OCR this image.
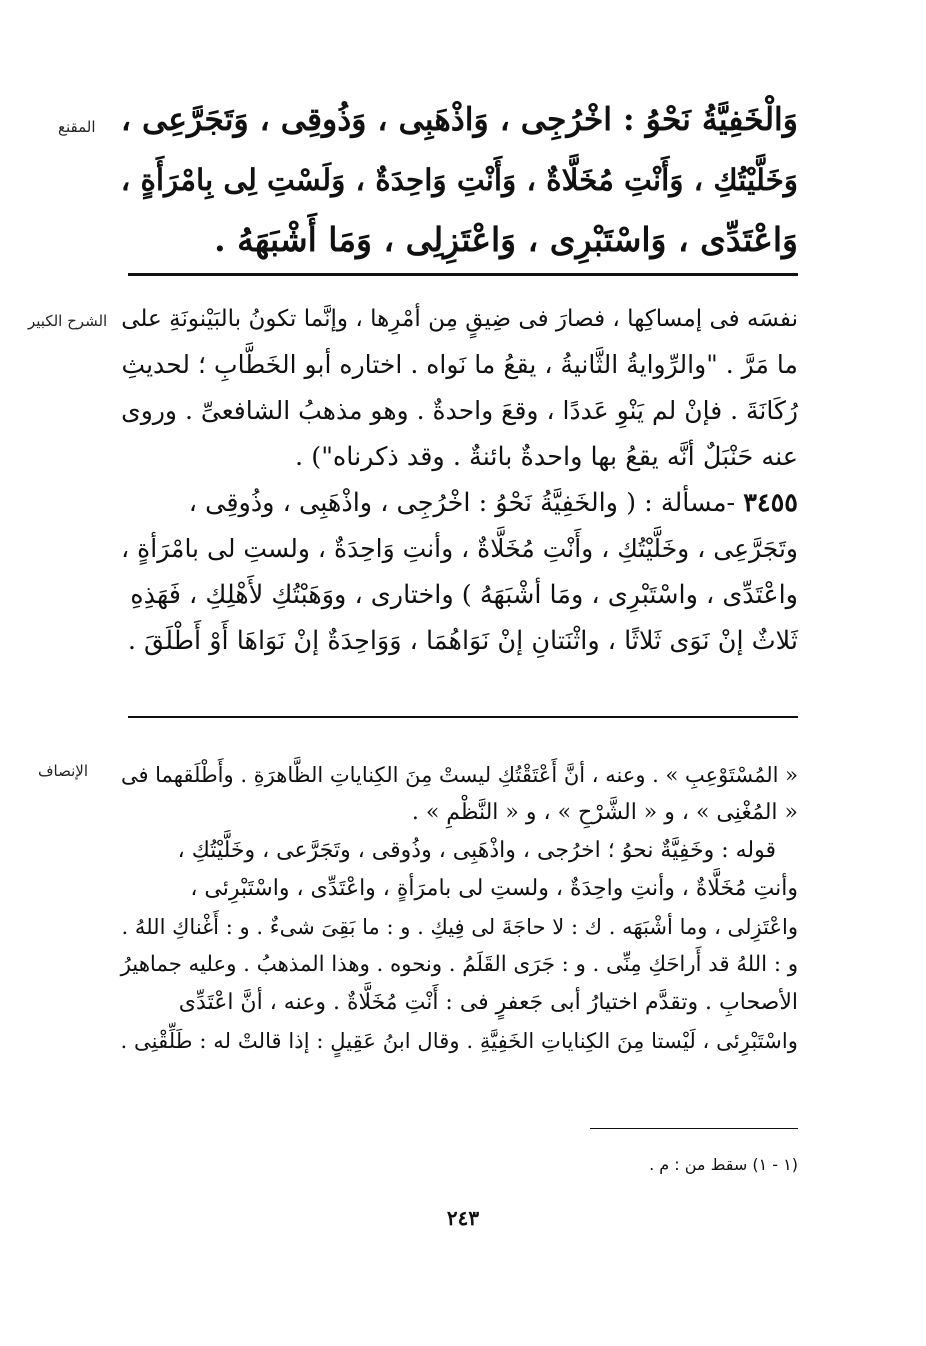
المقنع وَالْخَفِيَّةُ نَحْوُ : اخْرُجِى ، وَاذْهَبِى ، وَذُوقِى ، وَتَجَرَّعِى ،
وَخَلَّيْتُكِ ، وَأَنْتِ مُخَلَّاةٌ ، وَأَنْتِ وَاحِدَةٌ ، وَلَسْتِ لِى بِامْرَأَةٍ ،
وَاعْتَدِّى ، وَاسْتَبْرِى ، وَاعْتَزِلِى ، وَمَا أَشْبَهَهُ .
الشرح الكبير نفسَه فى إمساكِها ، فصارَ فى ضِيقٍ مِن أمْرِها ، وإنَّما تكونُ بالبَيْنونَةِ على
ما مَرَّ . "والرِّوايةُ الثَّانيةُ ، يقعُ ما نَواه . اختاره أبو الخَطَّابِ ؛ لحديثِ
رُكَانَةَ . فإنْ لم يَنْوِ عَددًا ، وقعَ واحدةٌ . وهو مذهبُ الشافعىِّ . وروى
عنه حَنْبَلٌ أنَّه يقعُ بها واحدةٌ بائنةٌ . وقد ذكرناه") .
٣٤٥٥ -مسألة : ( والخَفِيَّةُ نَحْوُ : اخْرُجِى ، واذْهَبِى ، وذُوقِى ،
وتَجَرَّعِى ، وخَلَّيْتُكِ ، وأَنْتِ مُخَلَّاةٌ ، وأنتِ وَاحِدَةٌ ، ولستِ لى بامْرَأةٍ ،
واعْتَدِّى ، واسْتَبْرِى ، ومَا أشْبَهَهُ ) واختارى ، ووَهَبْتُكِ لأَهْلِكِ ، فَهَذِهِ
ثَلاثٌ إنْ نَوَى ثَلاثًا ، واثْنَتانِ إنْ نَوَاهُمَا ، وَوَاحِدَةٌ إنْ نَوَاهَا أَوْ أَطْلَقَ .
الإنصاف	« المُسْتَوْعِبِ » . وعنه ، أنَّ أَعْتَقْتُكِ ليستْ مِنَ الكِناياتِ الظَّاهرَةِ . وأَطْلَقهما فى
« المُغْنِى » ، و « الشَّرْحِ » ، و « النَّظْمِ » .
قوله : وخَفِيَّةٌ نحوُ ؛ اخرُجى ، واذْهَبِى ، وذُوقى ، وتَجَرَّعى ، وخَلَّيْتُكِ ،
وأنتِ مُخَلَّاةٌ ، وأنتِ واحِدَةٌ ، ولستِ لى بامرَأةٍ ، واعْتَدِّى ، واسْتَبْرِئى ،
واعْتَزِلى ، وما أشْبَهَه . ك : لا حاجَةَ لى فِيكِ . و : ما بَقِىَ شىءٌ . و : أَغْناكِ اللهُ .
و : اللهُ قد أَراحَكِ مِنِّى . و : جَرَى القَلَمُ . ونحوه . وهذا المذهبُ . وعليه جماهيرُ
الأصحابِ . وتقدَّم اختيارُ أبى جَعفرٍ فى : أَنْتِ مُخَلَّاةٌ . وعنه ، أنَّ اعْتَدِّى
واسْتَبْرِئى ، لَيْستا مِنَ الكِناياتِ الخَفِيَّةِ . وقال ابنُ عَقِيلٍ : إذا قالتْ له : طَلِّقْنِى .
(١ - ١) سقط من : م .
٢٤٣
